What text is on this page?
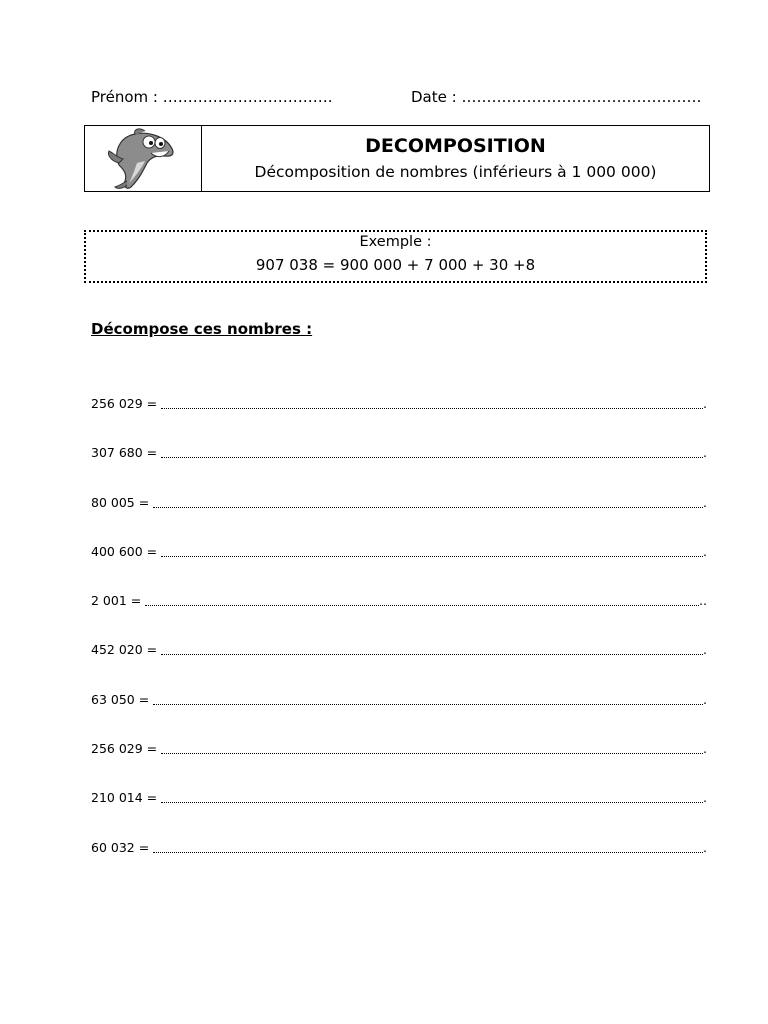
Prénom : …………………………….	Date : …………………………………………
DECOMPOSITION
Décomposition de nombres (inférieurs à 1 000 000)
Exemple :
907 038 = 900 000 + 7 000 + 30 +8
Décompose ces nombres :
256 029 =	.
307 680 =	.
80 005 =	.
400 600 =	.
2 001 =	..
452 020 =	.
63 050 =	.
256 029 =	.
210 014 =	.
60 032 =	.
